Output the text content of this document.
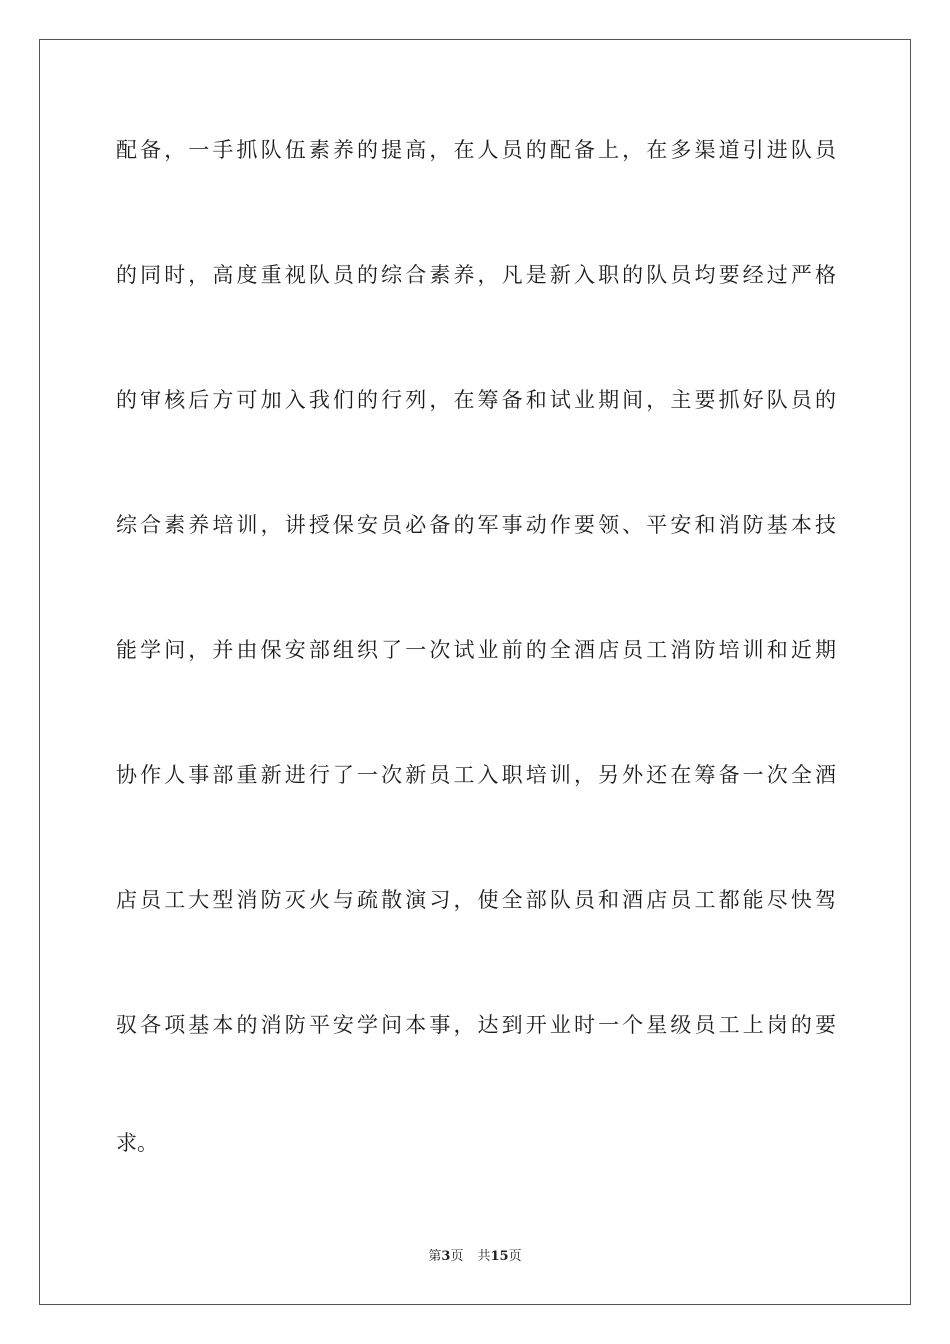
配备，一手抓队伍素养的提高，在人员的配备上，在多渠道引进队员
的同时，高度重视队员的综合素养，凡是新入职的队员均要经过严格
的审核后方可加入我们的行列，在筹备和试业期间，主要抓好队员的
综合素养培训，讲授保安员必备的军事动作要领、平安和消防基本技
能学问，并由保安部组织了一次试业前的全酒店员工消防培训和近期
协作人事部重新进行了一次新员工入职培训，另外还在筹备一次全酒
店员工大型消防灭火与疏散演习，使全部队员和酒店员工都能尽快驾
驭各项基本的消防平安学问本事，达到开业时一个星级员工上岗的要
求。
第3页 共15页
